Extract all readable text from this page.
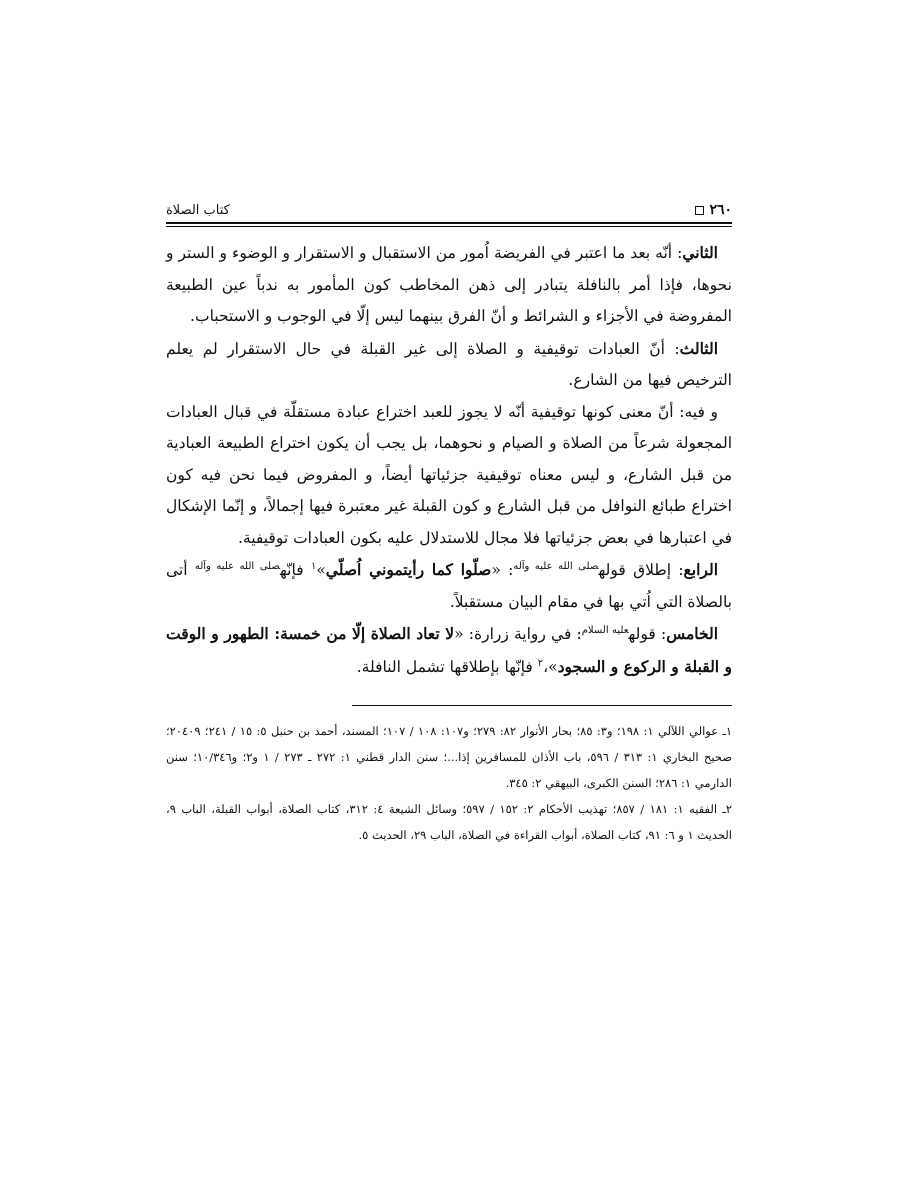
٢٦٠
كتاب الصلاة

الثاني: أنّه بعد ما اعتبر في الفريضة اُمور من الاستقبال و الاستقرار و الوضوء و الستر و نحوها، فإذا أمر بالنافلة يتبادر إلى ذهن المخاطب كون المأمور به ندباً عين الطبيعة المفروضة في الأجزاء و الشرائط و أنّ الفرق بينهما ليس إلّا في الوجوب و الاستحباب.

الثالث: أنّ العبادات توقيفية و الصلاة إلى غير القبلة في حال الاستقرار لم يعلم الترخيص فيها من الشارع.

و فيه: أنّ معنى كونها توقيفية أنّه لا يجوز للعبد اختراع عبادة مستقلّة في قبال العبادات المجعولة شرعاً من الصلاة و الصيام و نحوهما، بل يجب أن يكون اختراع الطبيعة العبادية من قبل الشارع، و ليس معناه توقيفية جزئياتها أيضاً، و المفروض فيما نحن فيه كون اختراع طبائع النوافل من قبل الشارع و كون القبلة غير معتبرة فيها إجمالاً، و إنّما الإشكال في اعتبارها في بعض جزئياتها فلا مجال للاستدلال عليه بكون العبادات توقيفية.

الرابع: إطلاق قوله$^{صلى الله عليه وآله}$: «صلّوا كما رأيتموني اُصلّي»$^١$ فإنّه$^{صلى الله عليه وآله}$ أتى بالصلاة التي اُتي بها في مقام البيان مستقبلاً.

الخامس: قوله$^{عليه السلام}$: في رواية زرارة: «لا تعاد الصلاة إلّا من خمسة: الطهور و الوقت و القبلة و الركوع و السجود»،$^٢$ فإنّها بإطلاقها تشمل النافلة.

١ـ عوالي اللآلي ١: ١٩٨؛ و٣: ٨٥؛ بحار الأنوار ٨٢: ٢٧٩؛ و١٠٧: ١٠٨ / ١٠٧؛ المسند، أحمد بن حنبل ٥: ١٥ / ٢٤١؛ ٢٠٤٠٩؛ صحيح البخاري ١: ٣١٣ / ٥٩٦، باب الأذان للمسافرين إذا...؛ سنن الدار قطني ١: ٢٧٢ ـ ٢٧٣ / ١ و٢؛ و١٠/٣٤٦؛ سنن الدارمي ١: ٢٨٦؛ السنن الكبرى، البيهقي ٢: ٣٤٥.

٢ـ الفقيه ١: ١٨١ / ٨٥٧؛ تهذيب الأحكام ٢: ١٥٢ / ٥٩٧؛ وسائل الشيعة ٤: ٣١٢، كتاب الصلاة، أبواب القبلة، الباب ٩، الحديث ١ و ٦: ٩١، كتاب الصلاة، أبواب القراءة في الصلاة، الباب ٢٩، الحديث ٥.
